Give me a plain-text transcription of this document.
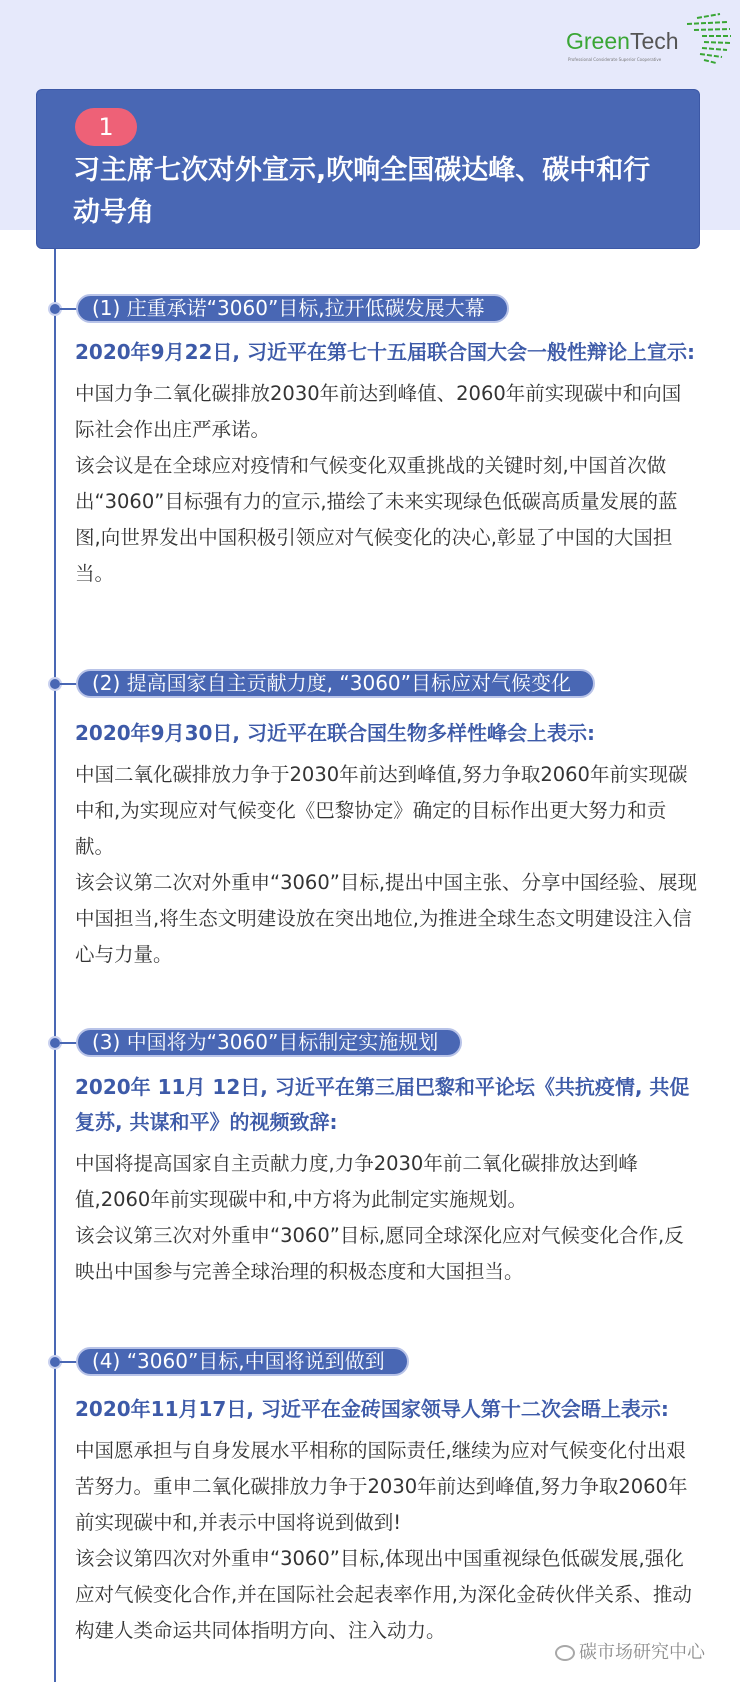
GreenTech
Professional Considerate Superior Cooperative
1
习主席七次对外宣示,吹响全国碳达峰、碳中和行动号角
(1) 庄重承诺“3060”目标,拉开低碳发展大幕
2020年9月22日, 习近平在第七十五届联合国大会一般性辩论上宣示:
中国力争二氧化碳排放2030年前达到峰值、2060年前实现碳中和向国际社会作出庄严承诺。
该会议是在全球应对疫情和气候变化双重挑战的关键时刻,中国首次做出“3060”目标强有力的宣示,描绘了未来实现绿色低碳高质量发展的蓝图,向世界发出中国积极引领应对气候变化的决心,彰显了中国的大国担当。
(2) 提高国家自主贡献力度, “3060”目标应对气候变化
2020年9月30日, 习近平在联合国生物多样性峰会上表示:
中国二氧化碳排放力争于2030年前达到峰值,努力争取2060年前实现碳中和,为实现应对气候变化《巴黎协定》确定的目标作出更大努力和贡献。
该会议第二次对外重申“3060”目标,提出中国主张、分享中国经验、展现中国担当,将生态文明建设放在突出地位,为推进全球生态文明建设注入信心与力量。
(3) 中国将为“3060”目标制定实施规划
2020年 11月 12日, 习近平在第三届巴黎和平论坛《共抗疫情, 共促复苏, 共谋和平》的视频致辞:
中国将提高国家自主贡献力度,力争2030年前二氧化碳排放达到峰值,2060年前实现碳中和,中方将为此制定实施规划。
该会议第三次对外重申“3060”目标,愿同全球深化应对气候变化合作,反映出中国参与完善全球治理的积极态度和大国担当。
(4) “3060”目标,中国将说到做到
2020年11月17日, 习近平在金砖国家领导人第十二次会晤上表示:
中国愿承担与自身发展水平相称的国际责任,继续为应对气候变化付出艰苦努力。重申二氧化碳排放力争于2030年前达到峰值,努力争取2060年前实现碳中和,并表示中国将说到做到!
该会议第四次对外重申“3060”目标,体现出中国重视绿色低碳发展,强化应对气候变化合作,并在国际社会起表率作用,为深化金砖伙伴关系、推动构建人类命运共同体指明方向、注入动力。
碳市场研究中心
